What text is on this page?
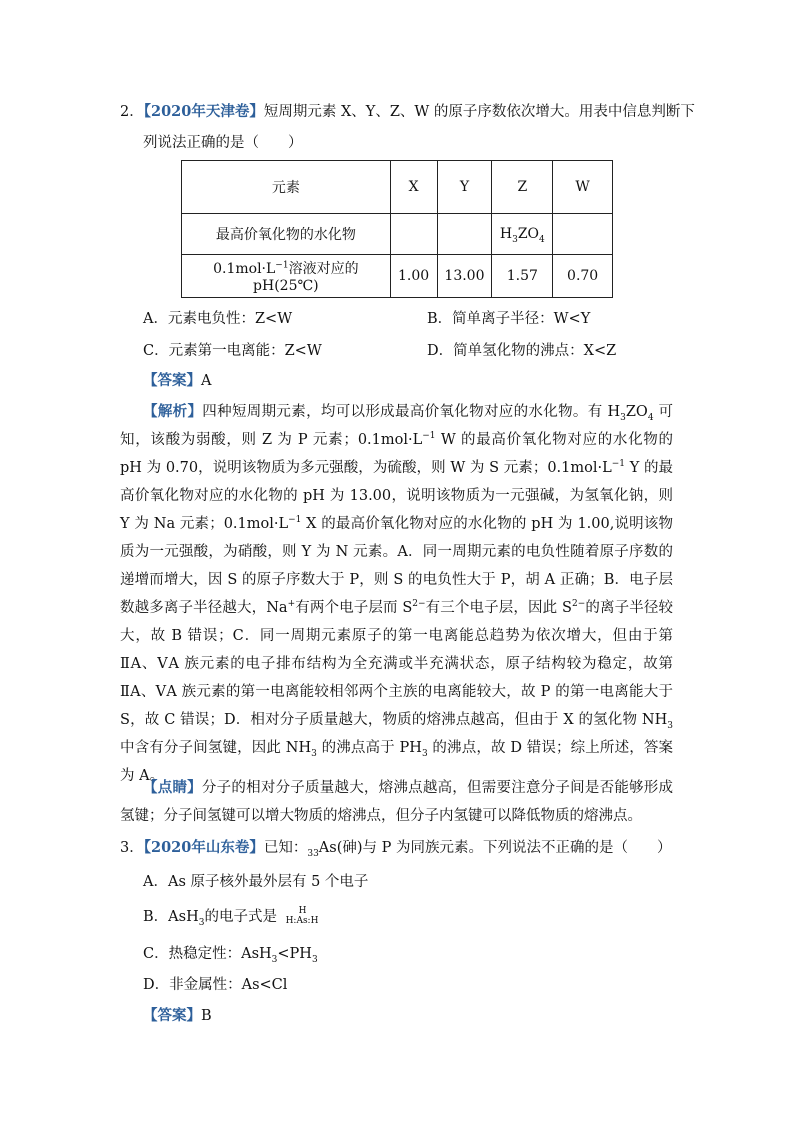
2．【2020年天津卷】短周期元素 X、Y、Z、W 的原子序数依次增大。用表中信息判断下
列说法正确的是（　　）
元素	X	Y	Z	W
最高价氧化物的水化物			$H_3ZO_4$	
$0.1mol\cdot L^{-1}$溶液对应的pH(25℃)	1.00	13.00	1.57	0.70
A．元素电负性：Z<W	B．简单离子半径：W<Y
C．元素第一电离能：Z<W	D．简单氢化物的沸点：X<Z
【答案】A
【解析】四种短周期元素，均可以形成最高价氧化物对应的水化物。有 $H_3ZO_4$ 可知，该酸为弱酸，则 Z 为 P 元素；$0.1mol\cdot L^{-1}$ W 的最高价氧化物对应的水化物的 pH 为 0.70，说明该物质为多元强酸，为硫酸，则 W 为 S 元素；$0.1mol\cdot L^{-1}$ Y 的最高价氧化物对应的水化物的 pH 为 13.00，说明该物质为一元强碱，为氢氧化钠，则 Y 为 Na 元素；$0.1mol\cdot L^{-1}$ X 的最高价氧化物对应的水化物的 pH 为 1.00,说明该物质为一元强酸，为硝酸，则 Y 为 N 元素。A．同一周期元素的电负性随着原子序数的递增而增大，因 S 的原子序数大于 P，则 S 的电负性大于 P，胡 A 正确；B．电子层数越多离子半径越大，Na+有两个电子层而 $S^{2-}$有三个电子层，因此 $S^{2-}$的离子半径较大，故 B 错误；C．同一周期元素原子的第一电离能总趋势为依次增大，但由于第ⅡA、ⅤA 族元素的电子排布结构为全充满或半充满状态，原子结构较为稳定，故第ⅡA、ⅤA 族元素的第一电离能较相邻两个主族的电离能较大，故 P 的第一电离能大于 S，故 C 错误；D．相对分子质量越大，物质的熔沸点越高，但由于 X 的氢化物 $NH_3$ 中含有分子间氢键，因此 $NH_3$ 的沸点高于 $PH_3$ 的沸点，故 D 错误；综上所述，答案为 A。
【点睛】分子的相对分子质量越大，熔沸点越高，但需要注意分子间是否能够形成氢键；分子间氢键可以增大物质的熔沸点，但分子内氢键可以降低物质的熔沸点。
3．【2020年山东卷】已知：$_{33}$As(砷)与 P 为同族元素。下列说法不正确的是（　　）
A．As 原子核外最外层有 5 个电子
B．AsH$_3$的电子式是 H
H:As:H
C．热稳定性：$AsH_3<PH_3$
D．非金属性：As<Cl
【答案】B
